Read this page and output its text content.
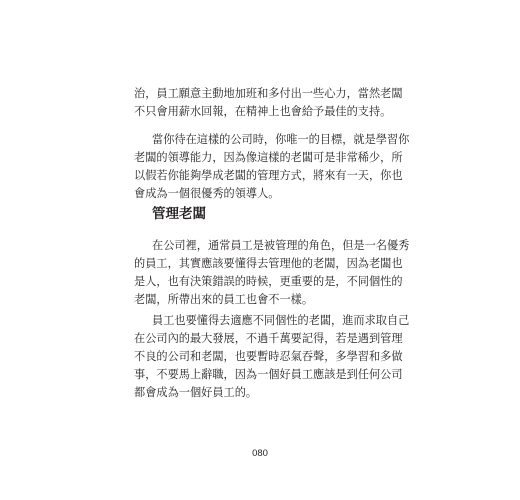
治，員工願意主動地加班和多付出一些心力，當然老闆
不只會用薪水回報，在精神上也會給予最佳的支持。
當你待在這樣的公司時，你唯一的目標，就是學習你
老闆的領導能力，因為像這樣的老闆可是非常稀少，所
以假若你能夠學成老闆的管理方式，將來有一天，你也
會成為一個很優秀的領導人。
管理老闆
在公司裡，通常員工是被管理的角色，但是一名優秀
的員工，其實應該要懂得去管理他的老闆，因為老闆也
是人，也有決策錯誤的時候，更重要的是，不同個性的
老闆，所帶出來的員工也會不一樣。
員工也要懂得去適應不同個性的老闆，進而求取自己
在公司內的最大發展，不過千萬要記得，若是遇到管理
不良的公司和老闆，也要暫時忍氣吞聲，多學習和多做
事，不要馬上辭職，因為一個好員工應該是到任何公司
都會成為一個好員工的。
080
